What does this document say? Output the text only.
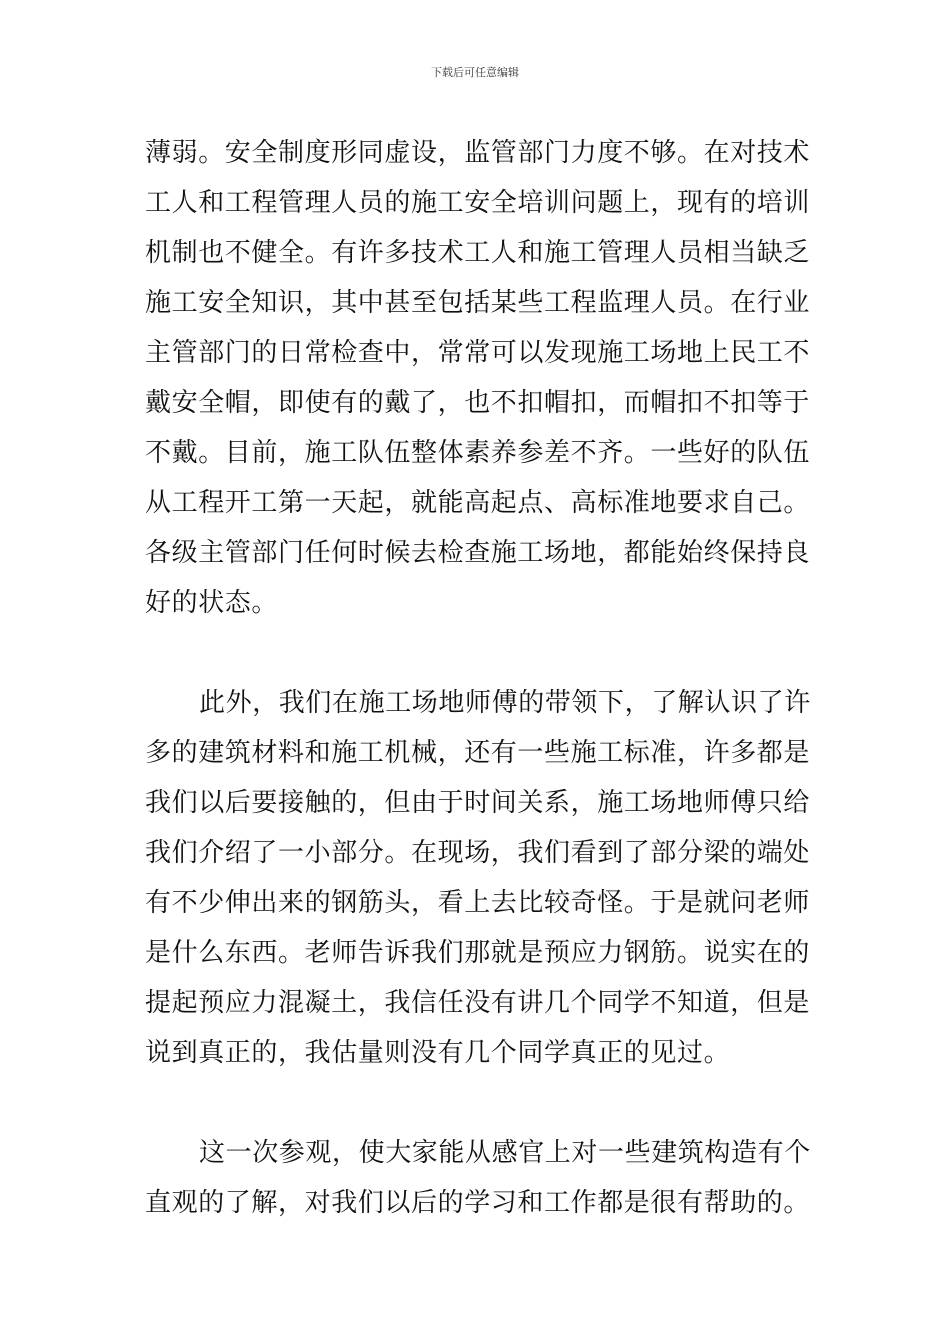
下载后可任意编辑
薄弱。安全制度形同虚设，监管部门力度不够。在对技术
工人和工程管理人员的施工安全培训问题上，现有的培训
机制也不健全。有许多技术工人和施工管理人员相当缺乏
施工安全知识，其中甚至包括某些工程监理人员。在行业
主管部门的日常检查中，常常可以发现施工场地上民工不
戴安全帽，即使有的戴了，也不扣帽扣，而帽扣不扣等于
不戴。目前，施工队伍整体素养参差不齐。一些好的队伍
从工程开工第一天起，就能高起点、高标准地要求自己。
各级主管部门任何时候去检查施工场地，都能始终保持良
好的状态。
此外，我们在施工场地师傅的带领下，了解认识了许
多的建筑材料和施工机械，还有一些施工标准，许多都是
我们以后要接触的，但由于时间关系，施工场地师傅只给
我们介绍了一小部分。在现场，我们看到了部分梁的端处
有不少伸出来的钢筋头，看上去比较奇怪。于是就问老师
是什么东西。老师告诉我们那就是预应力钢筋。说实在的
提起预应力混凝土，我信任没有讲几个同学不知道，但是
说到真正的，我估量则没有几个同学真正的见过。
这一次参观，使大家能从感官上对一些建筑构造有个
直观的了解，对我们以后的学习和工作都是很有帮助的。
